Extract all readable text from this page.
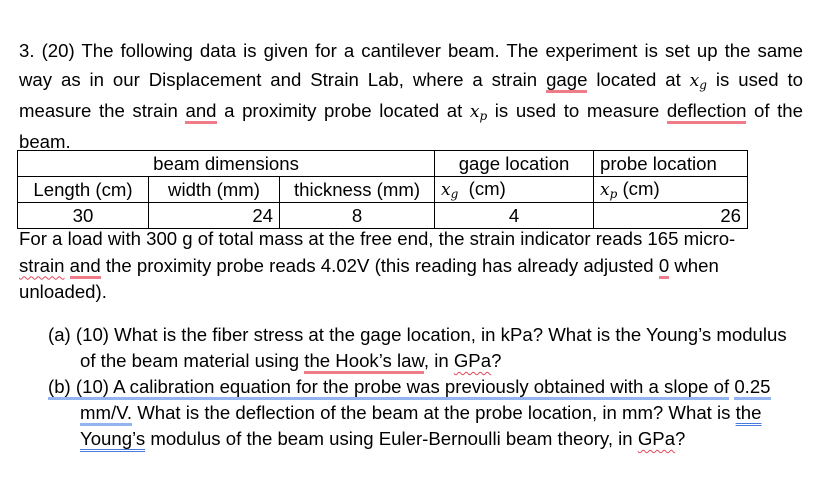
3. (20) The following data is given for a cantilever beam. The experiment is set up the same way as in our Displacement and Strain Lab, where a strain gage located at $x_g$ is used to measure the strain and a proximity probe located at $x_p$ is used to measure deflection of the beam.
beam dimensions			gage location	probe location
Length (cm)	width (mm)	thickness (mm)	$x_g$ (cm)	$x_p$ (cm)
30	24	8	4	26
For a load with 300 g of total mass at the free end, the strain indicator reads 165 micro-
strain and the proximity probe reads 4.02V (this reading has already adjusted 0 when
unloaded).
(a) (10) What is the fiber stress at the gage location, in kPa? What is the Young’s modulus of the beam material using the Hook’s law, in GPa?
(b) (10) A calibration equation for the probe was previously obtained with a slope of 0.25 mm/V. What is the deflection of the beam at the probe location, in mm? What is the Young’s modulus of the beam using Euler-Bernoulli beam theory, in GPa?
